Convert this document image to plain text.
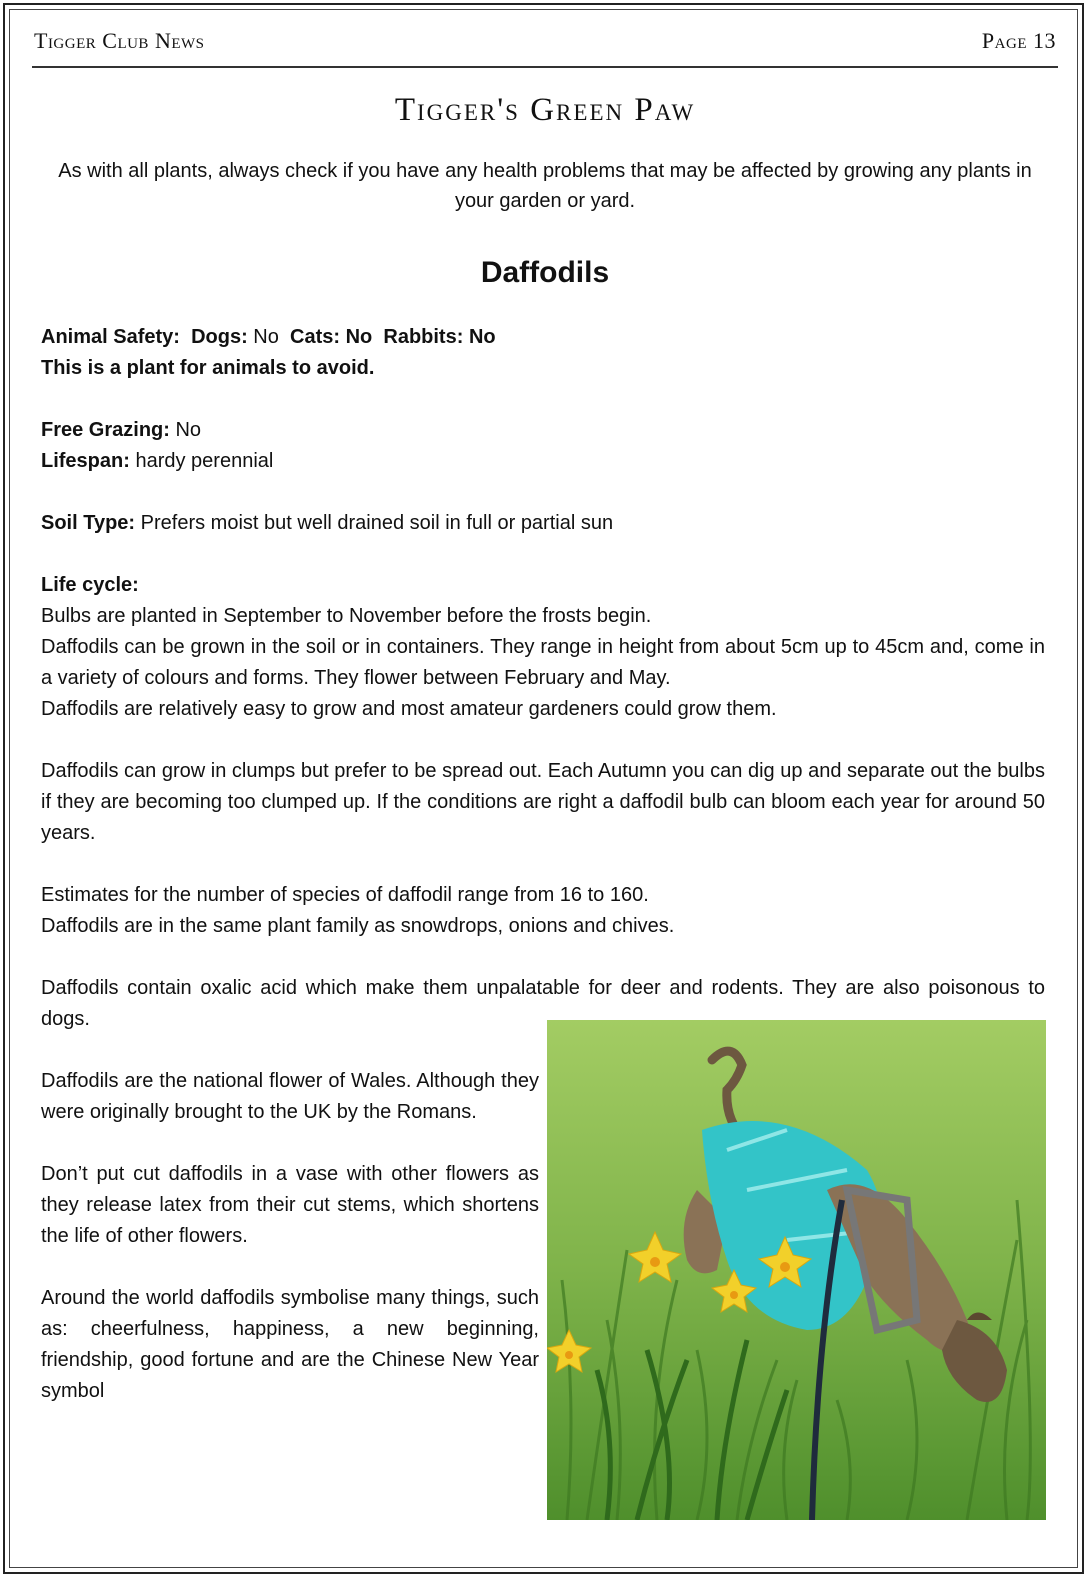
Tigger Club News	Page 13
Tigger's Green Paw
As with all plants, always check if you have any health problems that may be affected by growing any plants in your garden or yard.
Daffodils

Animal Safety: Dogs: No Cats: No Rabbits: No

This is a plant for animals to avoid.

Free Grazing: No

Lifespan: hardy perennial

Soil Type: Prefers moist but well drained soil in full or partial sun

Life cycle:

Bulbs are planted in September to November before the frosts begin.

Daffodils can be grown in the soil or in containers. They range in height from about 5cm up to 45cm and, come in a variety of colours and forms. They flower between February and May.

Daffodils are relatively easy to grow and most amateur gardeners could grow them.

Daffodils can grow in clumps but prefer to be spread out. Each Autumn you can dig up and separate out the bulbs if they are becoming too clumped up. If the conditions are right a daffodil bulb can bloom each year for around 50 years.

Estimates for the number of species of daffodil range from 16 to 160.

Daffodils are in the same plant family as snowdrops, onions and chives.

Daffodils contain oxalic acid which make them unpalatable for deer and rodents. They are also poisonous to dogs.

Daffodils are the national flower of Wales. Although they were originally brought to the UK by the Romans.

Don’t put cut daffodils in a vase with other flowers as they release latex from their cut stems, which shortens the life of other flowers.

Around the world daffodils symbolise many things, such as: cheerfulness, happiness, a new beginning, friendship, good fortune and are the Chinese New Year symbol
